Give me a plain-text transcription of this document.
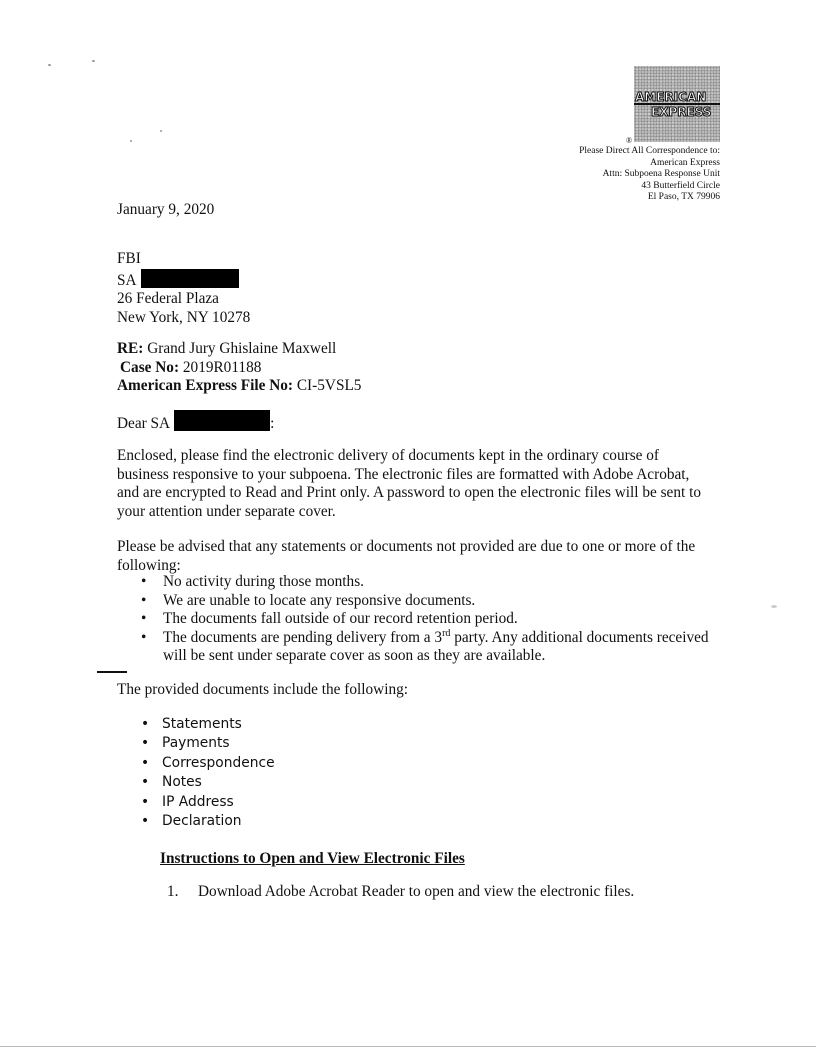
AMERICAN
EXPRESS
®
Please Direct All Correspondence to:
American Express
Attn: Subpoena Response Unit
43 Butterfield Circle
El Paso, TX 79906
January 9, 2020
FBI
SA
26 Federal Plaza
New York, NY 10278
RE: Grand Jury Ghislaine Maxwell
Case No: 2019R01188
American Express File No: CI-5VSL5
Dear SA	:
Enclosed, please find the electronic delivery of documents kept in the ordinary course of
business responsive to your subpoena. The electronic files are formatted with Adobe Acrobat,
and are encrypted to Read and Print only. A password to open the electronic files will be sent to
your attention under separate cover.
Please be advised that any statements or documents not provided are due to one or more of the
following:
• No activity during those months.
• We are unable to locate any responsive documents.
• The documents fall outside of our record retention period.
• The documents are pending delivery from a 3rd party. Any additional documents received
will be sent under separate cover as soon as they are available.
The provided documents include the following:
• Statements
• Payments
• Correspondence
• Notes
• IP Address
• Declaration
Instructions to Open and View Electronic Files
1. Download Adobe Acrobat Reader to open and view the electronic files.
